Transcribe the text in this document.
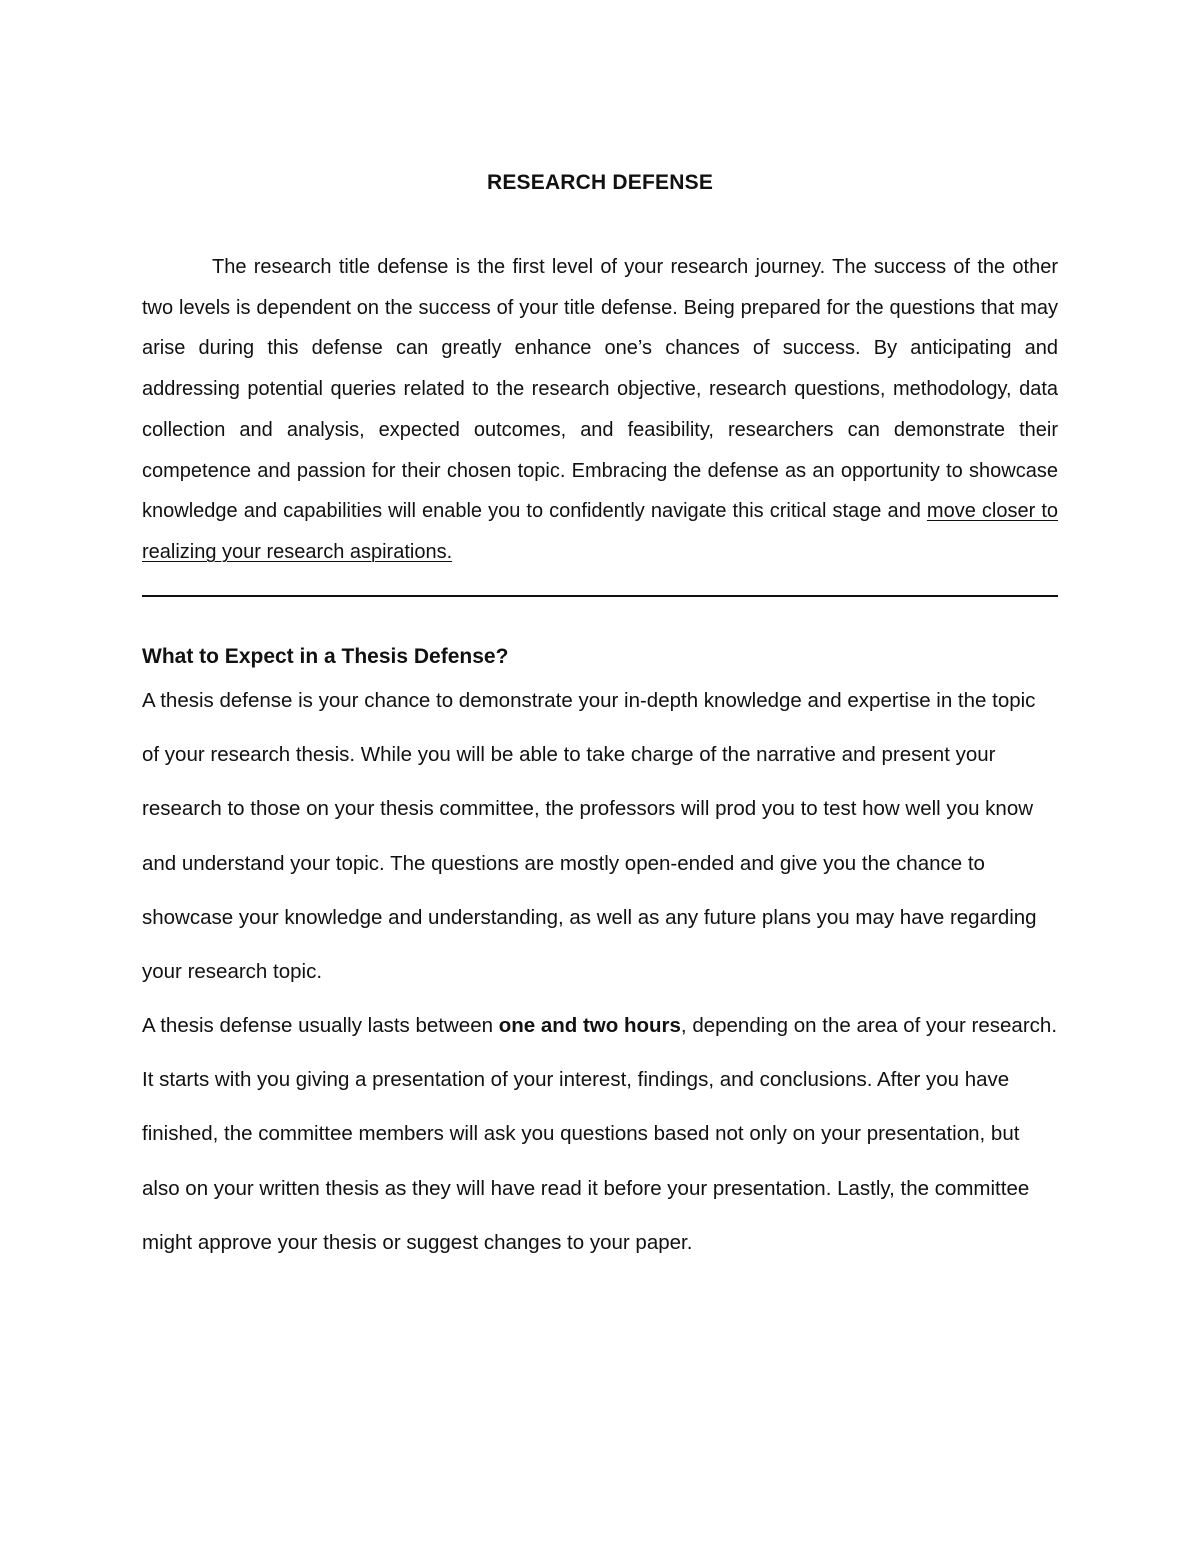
RESEARCH DEFENSE

The research title defense is the first level of your research journey. The success of the other two levels is dependent on the success of your title defense. Being prepared for the questions that may arise during this defense can greatly enhance one’s chances of success. By anticipating and addressing potential queries related to the research objective, research questions, methodology, data collection and analysis, expected outcomes, and feasibility, researchers can demonstrate their competence and passion for their chosen topic. Embracing the defense as an opportunity to showcase knowledge and capabilities will enable you to confidently navigate this critical stage and move closer to realizing your research aspirations.

What to Expect in a Thesis Defense?

A thesis defense is your chance to demonstrate your in-depth knowledge and expertise in the topic of your research thesis. While you will be able to take charge of the narrative and present your research to those on your thesis committee, the professors will prod you to test how well you know and understand your topic. The questions are mostly open-ended and give you the chance to showcase your knowledge and understanding, as well as any future plans you may have regarding your research topic.

A thesis defense usually lasts between one and two hours, depending on the area of your research. It starts with you giving a presentation of your interest, findings, and conclusions. After you have finished, the committee members will ask you questions based not only on your presentation, but also on your written thesis as they will have read it before your presentation. Lastly, the committee might approve your thesis or suggest changes to your paper.
